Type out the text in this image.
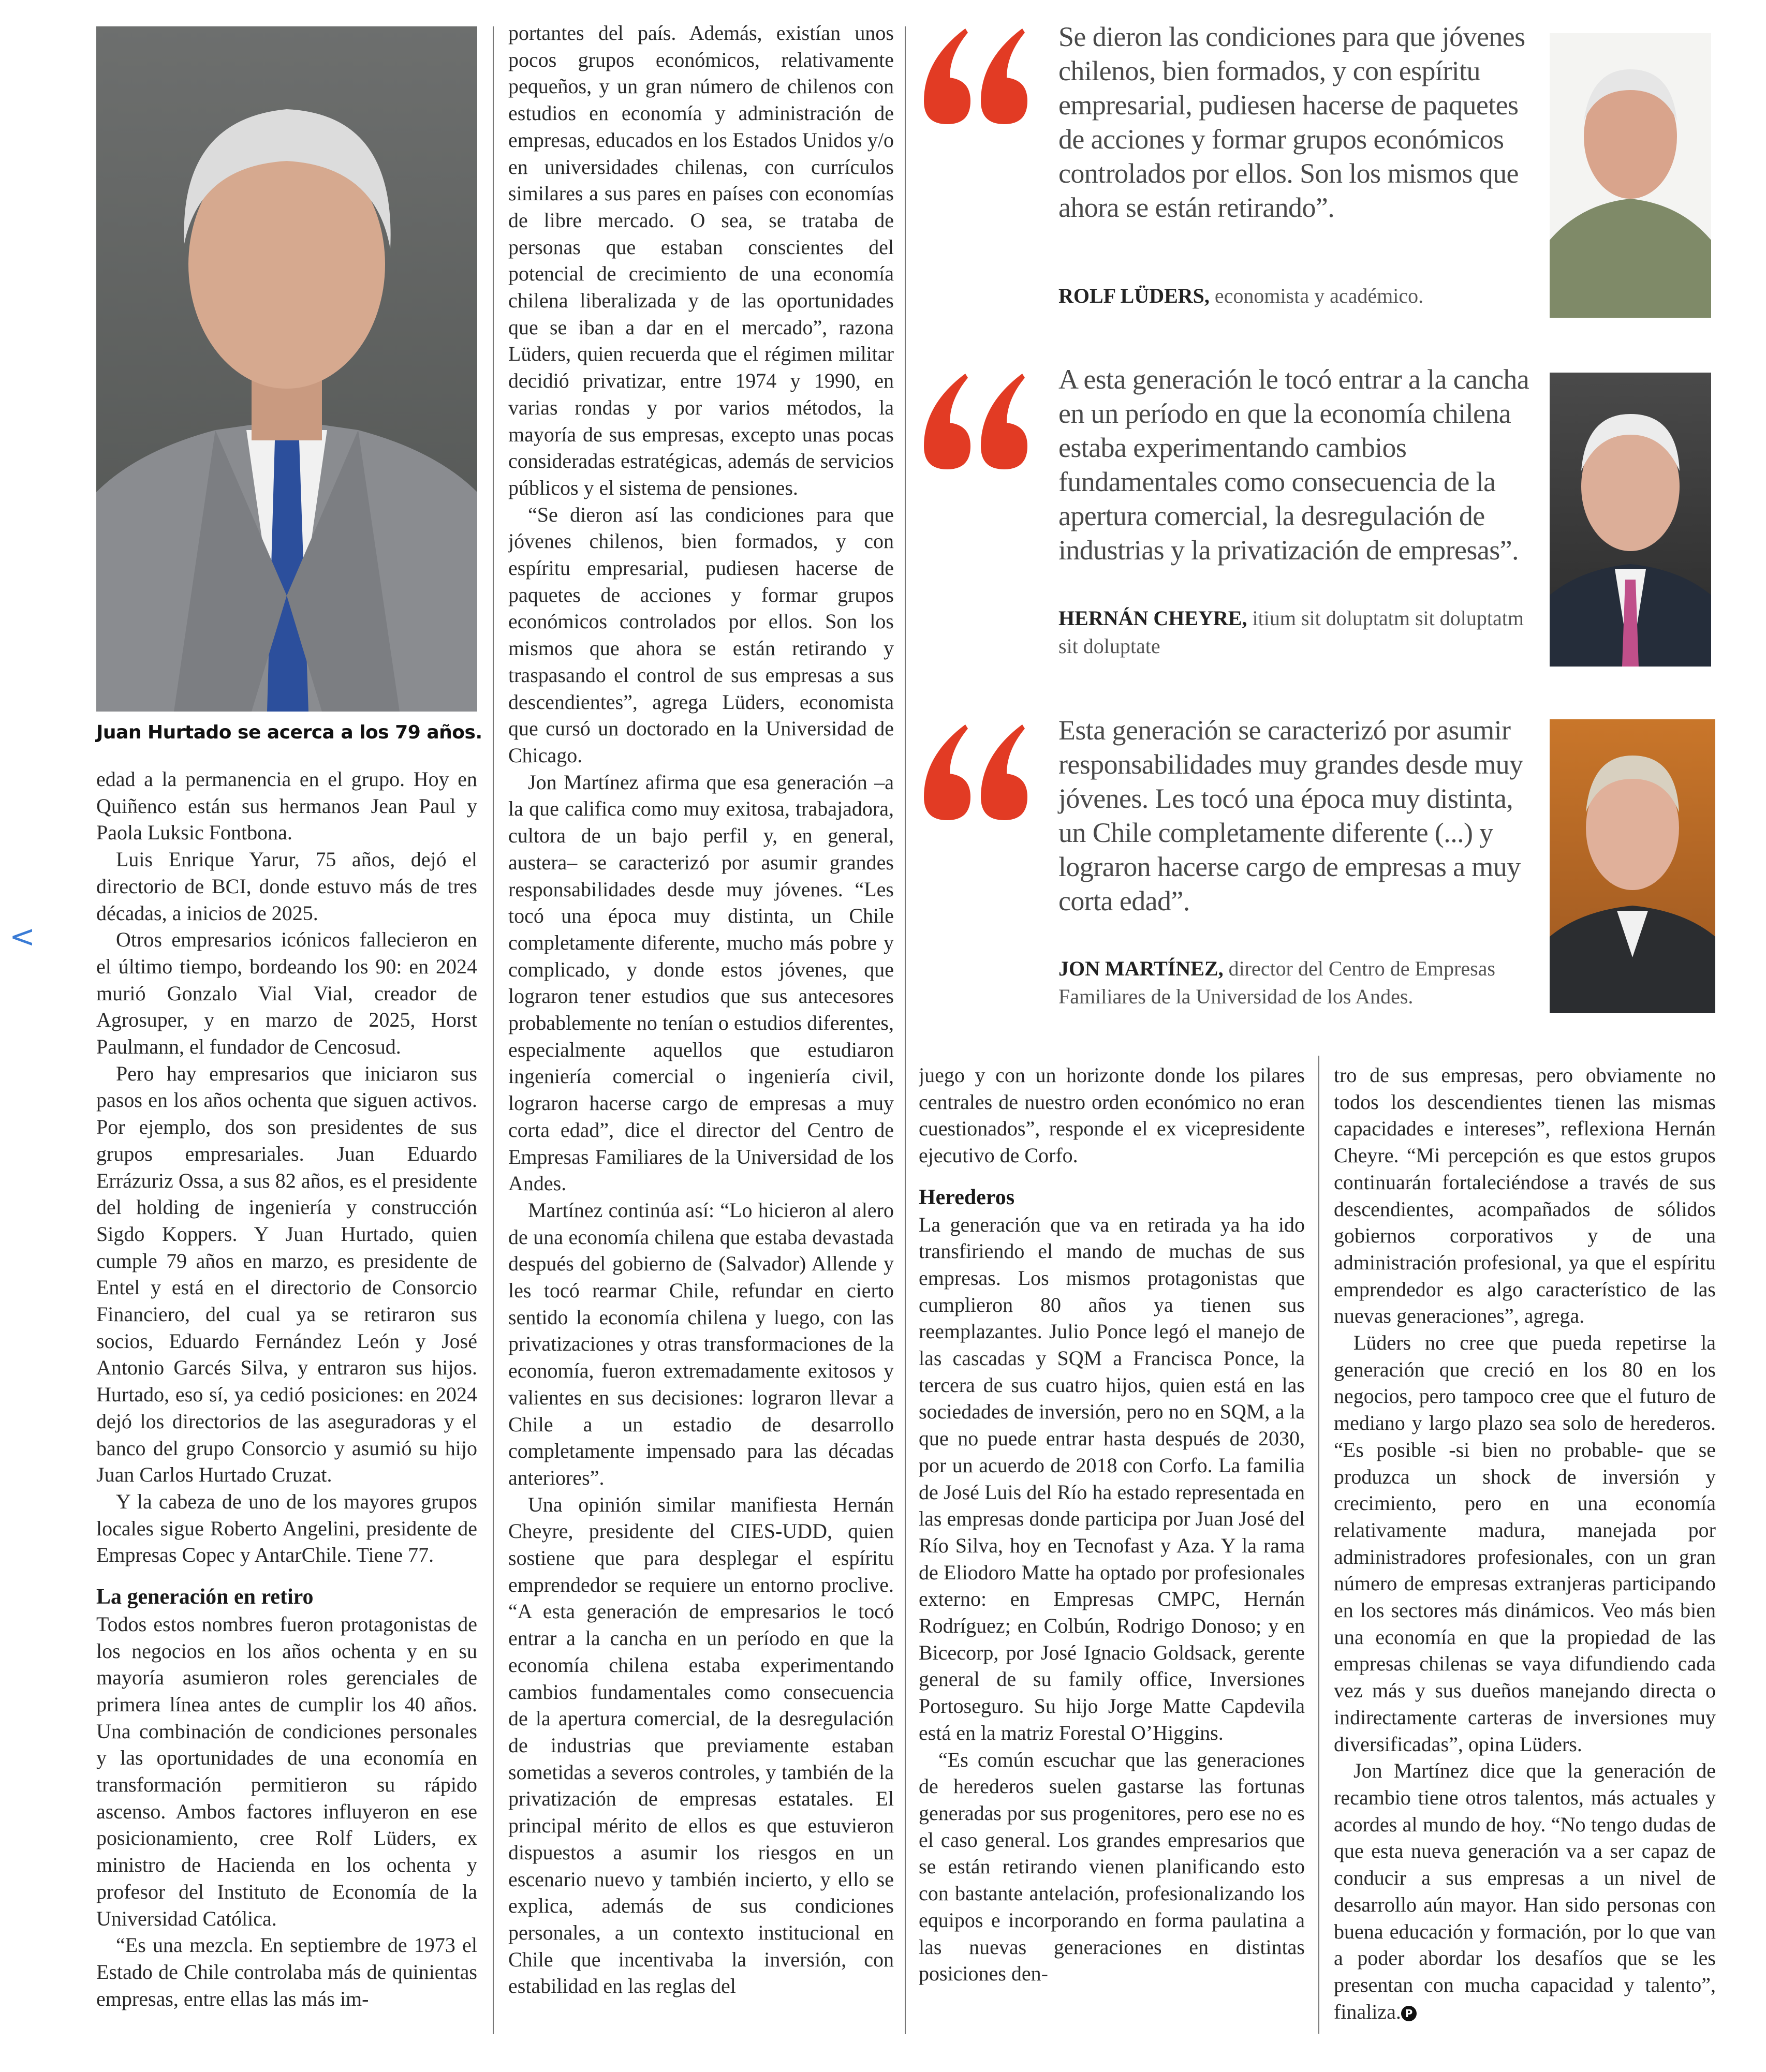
<
Juan Hurtado se acerca a los 79 años.

edad a la permanencia en el grupo. Hoy en Quiñenco están sus hermanos Jean Paul y Paola Luksic Fontbona.

Luis Enrique Yarur, 75 años, dejó el directorio de BCI, donde estuvo más de tres décadas, a inicios de 2025.

Otros empresarios icónicos fallecieron en el último tiempo, bordeando los 90: en 2024 murió Gonzalo Vial Vial, creador de Agrosuper, y en marzo de 2025, Horst Paulmann, el fundador de Cencosud.

Pero hay empresarios que iniciaron sus pasos en los años ochenta que siguen activos. Por ejemplo, dos son presidentes de sus grupos empresariales. Juan Eduardo Errázuriz Ossa, a sus 82 años, es el presidente del holding de ingeniería y construcción Sigdo Koppers. Y Juan Hurtado, quien cumple 79 años en marzo, es presidente de Entel y está en el directorio de Consorcio Financiero, del cual ya se retiraron sus socios, Eduardo Fernández León y José Antonio Garcés Silva, y entraron sus hijos. Hurtado, eso sí, ya cedió posiciones: en 2024 dejó los directorios de las aseguradoras y el banco del grupo Consorcio y asumió su hijo Juan Carlos Hurtado Cruzat.

Y la cabeza de uno de los mayores grupos locales sigue Roberto Angelini, presidente de Empresas Copec y AntarChile. Tiene 77.

La generación en retiro

Todos estos nombres fueron protagonistas de los negocios en los años ochenta y en su mayoría asumieron roles gerenciales de primera línea antes de cumplir los 40 años. Una combinación de condiciones personales y las oportunidades de una economía en transformación permitieron su rápido ascenso. Ambos factores influyeron en ese posicionamiento, cree Rolf Lüders, ex ministro de Hacienda en los ochenta y profesor del Instituto de Economía de la Universidad Católica.

“Es una mezcla. En septiembre de 1973 el Estado de Chile controlaba más de quinientas empresas, entre ellas las más im-

portantes del país. Además, existían unos pocos grupos económicos, relativamente pequeños, y un gran número de chilenos con estudios en economía y administración de empresas, educados en los Estados Unidos y/o en universidades chilenas, con currículos similares a sus pares en países con economías de libre mercado. O sea, se trataba de personas que estaban conscientes del potencial de crecimiento de una economía chilena liberalizada y de las oportunidades que se iban a dar en el mercado”, razona Lüders, quien recuerda que el régimen militar decidió privatizar, entre 1974 y 1990, en varias rondas y por varios métodos, la mayoría de sus empresas, excepto unas pocas consideradas estratégicas, además de servicios públicos y el sistema de pensiones.

“Se dieron así las condiciones para que jóvenes chilenos, bien formados, y con espíritu empresarial, pudiesen hacerse de paquetes de acciones y formar grupos económicos controlados por ellos. Son los mismos que ahora se están retirando y traspasando el control de sus empresas a sus descendientes”, agrega Lüders, economista que cursó un doctorado en la Universidad de Chicago.

Jon Martínez afirma que esa generación –a la que califica como muy exitosa, trabajadora, cultora de un bajo perfil y, en general, austera– se caracterizó por asumir grandes responsabilidades desde muy jóvenes. “Les tocó una época muy distinta, un Chile completamente diferente, mucho más pobre y complicado, y donde estos jóvenes, que lograron tener estudios que sus antecesores probablemente no tenían o estudios diferentes, especialmente aquellos que estudiaron ingeniería comercial o ingeniería civil, lograron hacerse cargo de empresas a muy corta edad”, dice el director del Centro de Empresas Familiares de la Universidad de los Andes.

Martínez continúa así: “Lo hicieron al alero de una economía chilena que estaba devastada después del gobierno de (Salvador) Allende y les tocó rearmar Chile, refundar en cierto sentido la economía chilena y luego, con las privatizaciones y otras transformaciones de la economía, fueron extremadamente exitosos y valientes en sus decisiones: lograron llevar a Chile a un estadio de desarrollo completamente impensado para las décadas anteriores”.

Una opinión similar manifiesta Hernán Cheyre, presidente del CIES-UDD, quien sostiene que para desplegar el espíritu emprendedor se requiere un entorno proclive. “A esta generación de empresarios le tocó entrar a la cancha en un período en que la economía chilena estaba experimentando cambios fundamentales como consecuencia de la apertura comercial, de la desregulación de industrias que previamente estaban sometidas a severos controles, y también de la privatización de empresas estatales. El principal mérito de ellos es que estuvieron dispuestos a asumir los riesgos en un escenario nuevo y también incierto, y ello se explica, además de sus condiciones personales, a un contexto institucional en Chile que incentivaba la inversión, con estabilidad en las reglas del

Se dieron las condiciones para que jóvenes chilenos, bien formados, y con espíritu empresarial, pudiesen hacerse de paquetes de acciones y formar grupos económicos controlados por ellos. Son los mismos que ahora se están retirando”.
ROLF LÜDERS, economista y académico.
A esta generación le tocó entrar a la cancha en un período en que la economía chilena estaba experimentando cambios fundamentales como consecuencia de la apertura comercial, la desregulación de industrias y la privatización de empresas”.
HERNÁN CHEYRE, itium sit doluptatm sit doluptatm sit doluptate
Esta generación se caracterizó por asumir responsabilidades muy grandes desde muy jóvenes. Les tocó una época muy distinta, un Chile completamente diferente (...) y lograron hacerse cargo de empresas a muy corta edad”.
JON MARTÍNEZ, director del Centro de Empresas Familiares de la Universidad de los Andes.

juego y con un horizonte donde los pilares centrales de nuestro orden económico no eran cuestionados”, responde el ex vicepresidente ejecutivo de Corfo.

Herederos

La generación que va en retirada ya ha ido transfiriendo el mando de muchas de sus empresas. Los mismos protagonistas que cumplieron 80 años ya tienen sus reemplazantes. Julio Ponce legó el manejo de las cascadas y SQM a Francisca Ponce, la tercera de sus cuatro hijos, quien está en las sociedades de inversión, pero no en SQM, a la que no puede entrar hasta después de 2030, por un acuerdo de 2018 con Corfo. La familia de José Luis del Río ha estado representada en las empresas donde participa por Juan José del Río Silva, hoy en Tecnofast y Aza. Y la rama de Eliodoro Matte ha optado por profesionales externo: en Empresas CMPC, Hernán Rodríguez; en Colbún, Rodrigo Donoso; y en Bicecorp, por José Ignacio Goldsack, gerente general de su family office, Inversiones Portoseguro. Su hijo Jorge Matte Capdevila está en la matriz Forestal O’Higgins.

“Es común escuchar que las generaciones de herederos suelen gastarse las fortunas generadas por sus progenitores, pero ese no es el caso general. Los grandes empresarios que se están retirando vienen planificando esto con bastante antelación, profesionalizando los equipos e incorporando en forma paulatina a las nuevas generaciones en distintas posiciones den-

tro de sus empresas, pero obviamente no todos los descendientes tienen las mismas capacidades e intereses”, reflexiona Hernán Cheyre. “Mi percepción es que estos grupos continuarán fortaleciéndose a través de sus descendientes, acompañados de sólidos gobiernos corporativos y de una administración profesional, ya que el espíritu emprendedor es algo característico de las nuevas generaciones”, agrega.

Lüders no cree que pueda repetirse la generación que creció en los 80 en los negocios, pero tampoco cree que el futuro de mediano y largo plazo sea solo de herederos. “Es posible -si bien no probable- que se produzca un shock de inversión y crecimiento, pero en una economía relativamente madura, manejada por administradores profesionales, con un gran número de empresas extranjeras participando en los sectores más dinámicos. Veo más bien una economía en que la propiedad de las empresas chilenas se vaya difundiendo cada vez más y sus dueños manejando directa o indirectamente carteras de inversiones muy diversificadas”, opina Lüders.

Jon Martínez dice que la generación de recambio tiene otros talentos, más actuales y acordes al mundo de hoy. “No tengo dudas de que esta nueva generación va a ser capaz de conducir a sus empresas a un nivel de desarrollo aún mayor. Han sido personas con buena educación y formación, por lo que van a poder abordar los desafíos que se les presentan con mucha capacidad y talento”, finaliza. P
